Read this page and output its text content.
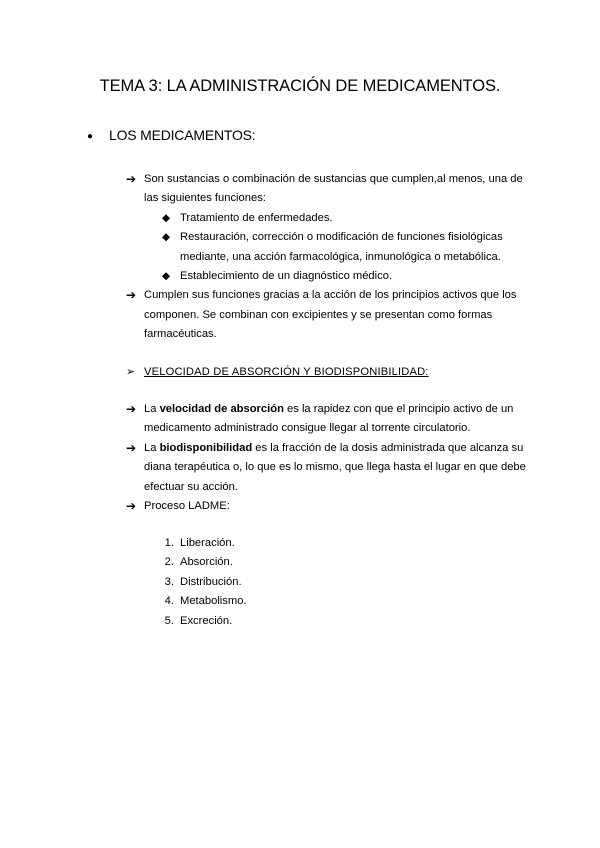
TEMA 3: LA ADMINISTRACIÓN DE MEDICAMENTOS.
● LOS MEDICAMENTOS:
➔ Son sustancias o combinación de sustancias que cumplen,al menos, una de las siguientes funciones:
◆ Tratamiento de enfermedades.
◆ Restauración, corrección o modificación de funciones fisiológicas mediante, una acción farmacológica, inmunológica o metabólica.
◆ Establecimiento de un diagnóstico médico.
➔ Cumplen sus funciones gracias a la acción de los principios activos que los componen. Se combinan con excipientes y se presentan como formas farmacéuticas.
➢ VELOCIDAD DE ABSORCIÓN Y BIODISPONIBILIDAD:
➔ La velocidad de absorción es la rapidez con que el principio activo de un medicamento administrado consigue llegar al torrente circulatorio.
➔ La biodisponibilidad es la fracción de la dosis administrada que alcanza su diana terapéutica o, lo que es lo mismo, que llega hasta el lugar en que debe efectuar su acción.
➔ Proceso LADME:
1. Liberación.
2. Absorción.
3. Distribución.
4. Metabolismo.
5. Excreción.
